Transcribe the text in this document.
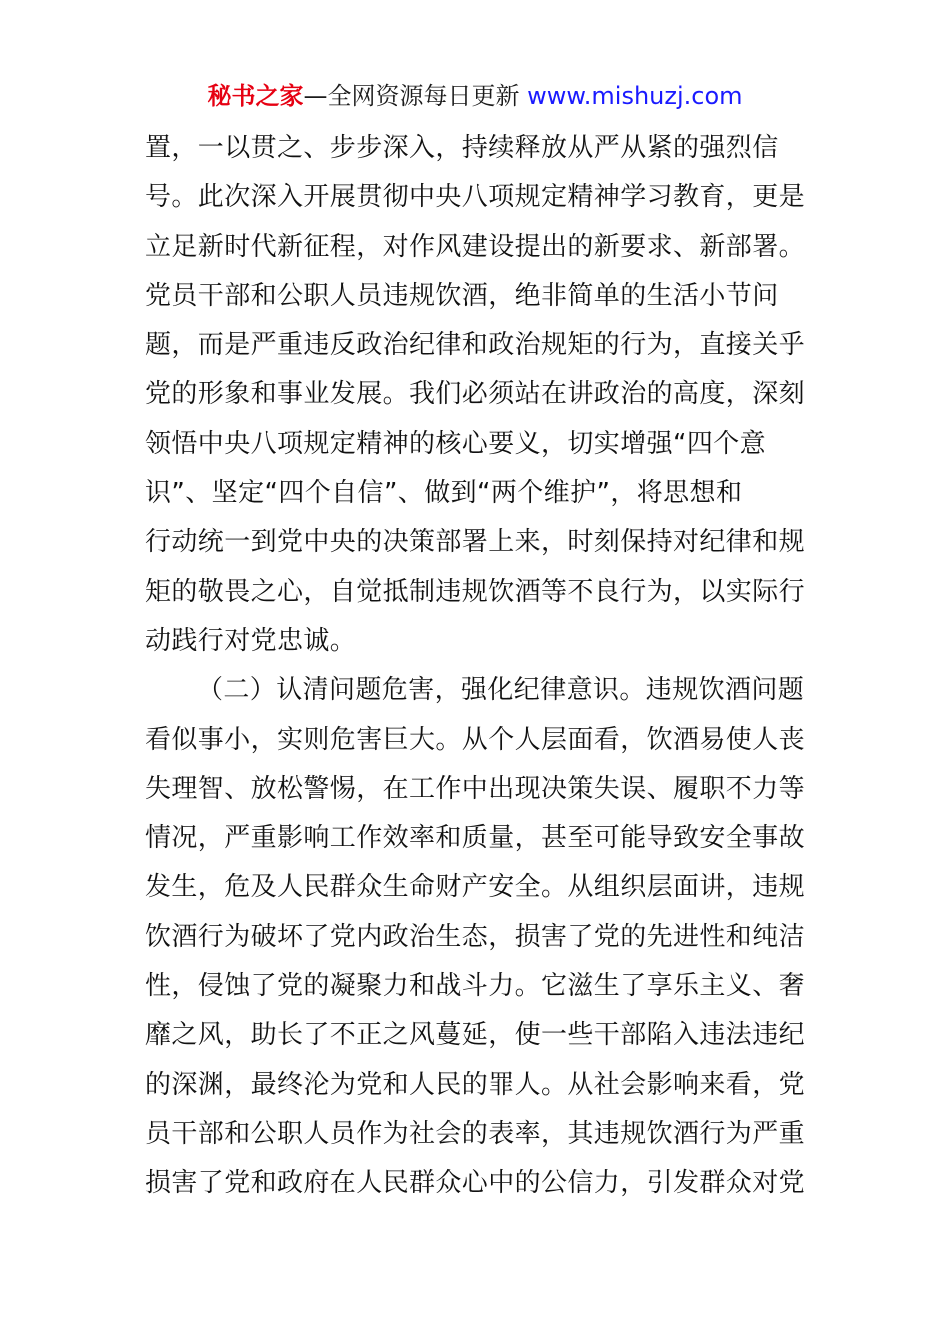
秘书之家—全网资源每日更新 www.mishuzj.com
置，一以贯之、步步深入，持续释放从严从紧的强烈信
号。此次深入开展贯彻中央八项规定精神学习教育，更是
立足新时代新征程，对作风建设提出的新要求、新部署。
党员干部和公职人员违规饮酒，绝非简单的生活小节问
题，而是严重违反政治纪律和政治规矩的行为，直接关乎
党的形象和事业发展。我们必须站在讲政治的高度，深刻
领悟中央八项规定精神的核心要义，切实增强“四个意
识”、坚定“四个自信”、做到“两个维护”，将思想和
行动统一到党中央的决策部署上来，时刻保持对纪律和规
矩的敬畏之心，自觉抵制违规饮酒等不良行为，以实际行
动践行对党忠诚。
（二）认清问题危害，强化纪律意识。违规饮酒问题
看似事小，实则危害巨大。从个人层面看，饮酒易使人丧
失理智、放松警惕，在工作中出现决策失误、履职不力等
情况，严重影响工作效率和质量，甚至可能导致安全事故
发生，危及人民群众生命财产安全。从组织层面讲，违规
饮酒行为破坏了党内政治生态，损害了党的先进性和纯洁
性，侵蚀了党的凝聚力和战斗力。它滋生了享乐主义、奢
靡之风，助长了不正之风蔓延，使一些干部陷入违法违纪
的深渊，最终沦为党和人民的罪人。从社会影响来看，党
员干部和公职人员作为社会的表率，其违规饮酒行为严重
损害了党和政府在人民群众心中的公信力，引发群众对党
